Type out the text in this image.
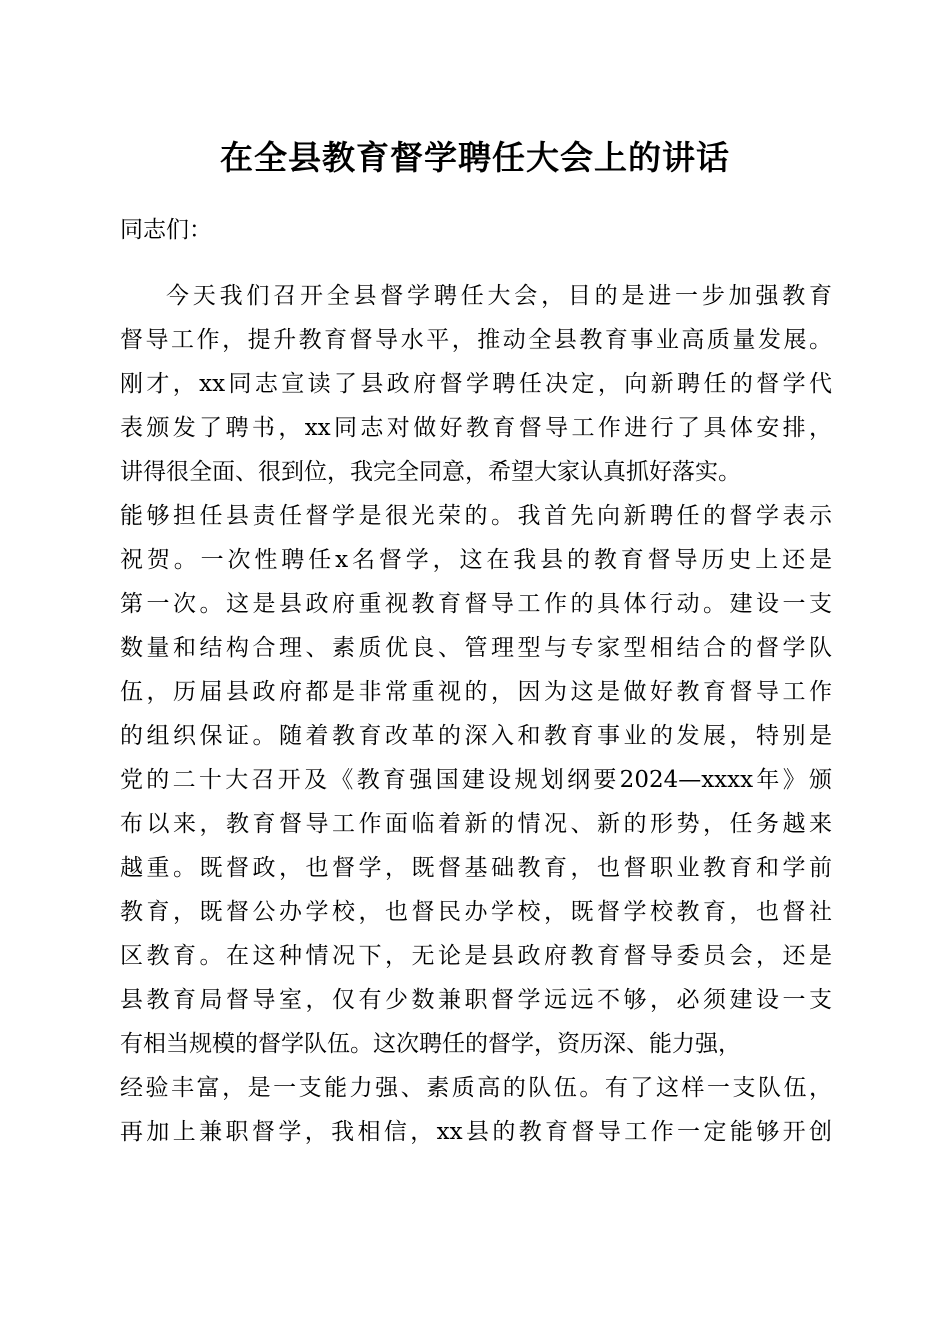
在全县教育督学聘任大会上的讲话
同志们：
今天我们召开全县督学聘任大会，目的是进一步加强教育
督导工作，提升教育督导水平，推动全县教育事业高质量发展。
刚才，xx同志宣读了县政府督学聘任决定，向新聘任的督学代
表颁发了聘书，xx同志对做好教育督导工作进行了具体安排，
讲得很全面、很到位，我完全同意，希望大家认真抓好落实。
能够担任县责任督学是很光荣的。我首先向新聘任的督学表示
祝贺。一次性聘任x名督学，这在我县的教育督导历史上还是
第一次。这是县政府重视教育督导工作的具体行动。建设一支
数量和结构合理、素质优良、管理型与专家型相结合的督学队
伍，历届县政府都是非常重视的，因为这是做好教育督导工作
的组织保证。随着教育改革的深入和教育事业的发展，特别是
党的二十大召开及《教育强国建设规划纲要2024—xxxx年》颁
布以来，教育督导工作面临着新的情况、新的形势，任务越来
越重。既督政，也督学，既督基础教育，也督职业教育和学前
教育，既督公办学校，也督民办学校，既督学校教育，也督社
区教育。在这种情况下，无论是县政府教育督导委员会，还是
县教育局督导室，仅有少数兼职督学远远不够，必须建设一支
有相当规模的督学队伍。这次聘任的督学，资历深、能力强，
经验丰富，是一支能力强、素质高的队伍。有了这样一支队伍，
再加上兼职督学，我相信，xx县的教育督导工作一定能够开创
